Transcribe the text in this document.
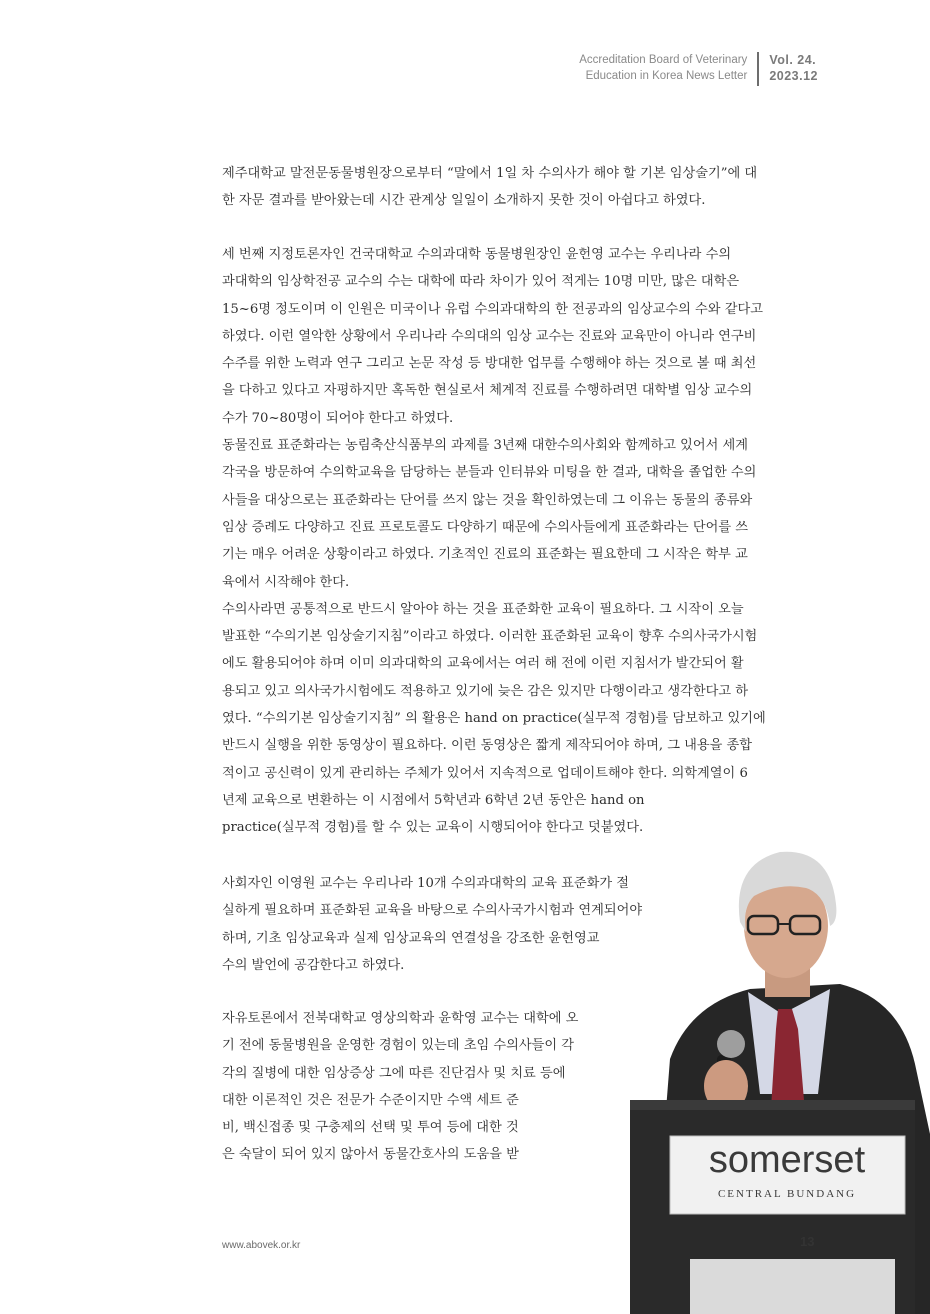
Accreditation Board of Veterinary
Education in Korea News Letter
Vol. 24.
2023.12
제주대학교 말전문동물병원장으로부터 “말에서 1일 차 수의사가 해야 할 기본 임상술기”에 대
한 자문 결과를 받아왔는데 시간 관계상 일일이 소개하지 못한 것이 아쉽다고 하였다.
세 번째 지정토론자인 건국대학교 수의과대학 동물병원장인 윤헌영 교수는 우리나라 수의
과대학의 임상학전공 교수의 수는 대학에 따라 차이가 있어 적게는 10명 미만, 많은 대학은
15~6명 정도이며 이 인원은 미국이나 유럽 수의과대학의 한 전공과의 임상교수의 수와 같다고
하였다. 이런 열악한 상황에서 우리나라 수의대의 임상 교수는 진료와 교육만이 아니라 연구비
수주를 위한 노력과 연구 그리고 논문 작성 등 방대한 업무를 수행해야 하는 것으로 볼 때 최선
을 다하고 있다고 자평하지만 혹독한 현실로서 체계적 진료를 수행하려면 대학별 임상 교수의
수가 70~80명이 되어야 한다고 하였다.
동물진료 표준화라는 농림축산식품부의 과제를 3년째 대한수의사회와 함께하고 있어서 세계
각국을 방문하여 수의학교육을 담당하는 분들과 인터뷰와 미팅을 한 결과, 대학을 졸업한 수의
사들을 대상으로는 표준화라는 단어를 쓰지 않는 것을 확인하였는데 그 이유는 동물의 종류와
임상 증례도 다양하고 진료 프로토콜도 다양하기 때문에 수의사들에게 표준화라는 단어를 쓰
기는 매우 어려운 상황이라고 하였다. 기초적인 진료의 표준화는 필요한데 그 시작은 학부 교
육에서 시작해야 한다.
수의사라면 공통적으로 반드시 알아야 하는 것을 표준화한 교육이 필요하다. 그 시작이 오늘
발표한 “수의기본 임상술기지침”이라고 하였다. 이러한 표준화된 교육이 향후 수의사국가시험
에도 활용되어야 하며 이미 의과대학의 교육에서는 여러 해 전에 이런 지침서가 발간되어 활
용되고 있고 의사국가시험에도 적용하고 있기에 늦은 감은 있지만 다행이라고 생각한다고 하
였다. “수의기본 임상술기지침” 의 활용은 hand on practice(실무적 경험)를 담보하고 있기에
반드시 실행을 위한 동영상이 필요하다. 이런 동영상은 짧게 제작되어야 하며, 그 내용을 종합
적이고 공신력이 있게 관리하는 주체가 있어서 지속적으로 업데이트해야 한다. 의학계열이 6
년제 교육으로 변환하는 이 시점에서 5학년과 6학년 2년 동안은 hand on
practice(실무적 경험)를 할 수 있는 교육이 시행되어야 한다고 덧붙였다.
사회자인 이영원 교수는 우리나라 10개 수의과대학의 교육 표준화가 절
실하게 필요하며 표준화된 교육을 바탕으로 수의사국가시험과 연계되어야
하며, 기초 임상교육과 실제 임상교육의 연결성을 강조한 윤헌영교
수의 발언에 공감한다고 하였다.
자유토론에서 전북대학교 영상의학과 윤학영 교수는 대학에 오
기 전에 동물병원을 운영한 경험이 있는데 초임 수의사들이 각
각의 질병에 대한 임상증상 그에 따른 진단검사 및 치료 등에
대한 이론적인 것은 전문가 수준이지만 수액 세트 준
비, 백신접종 및 구충제의 선택 및 투여 등에 대한 것
은 숙달이 되어 있지 않아서 동물간호사의 도움을 받	somerset
CENTRAL BUNDANG
www.abovek.or.kr	13
